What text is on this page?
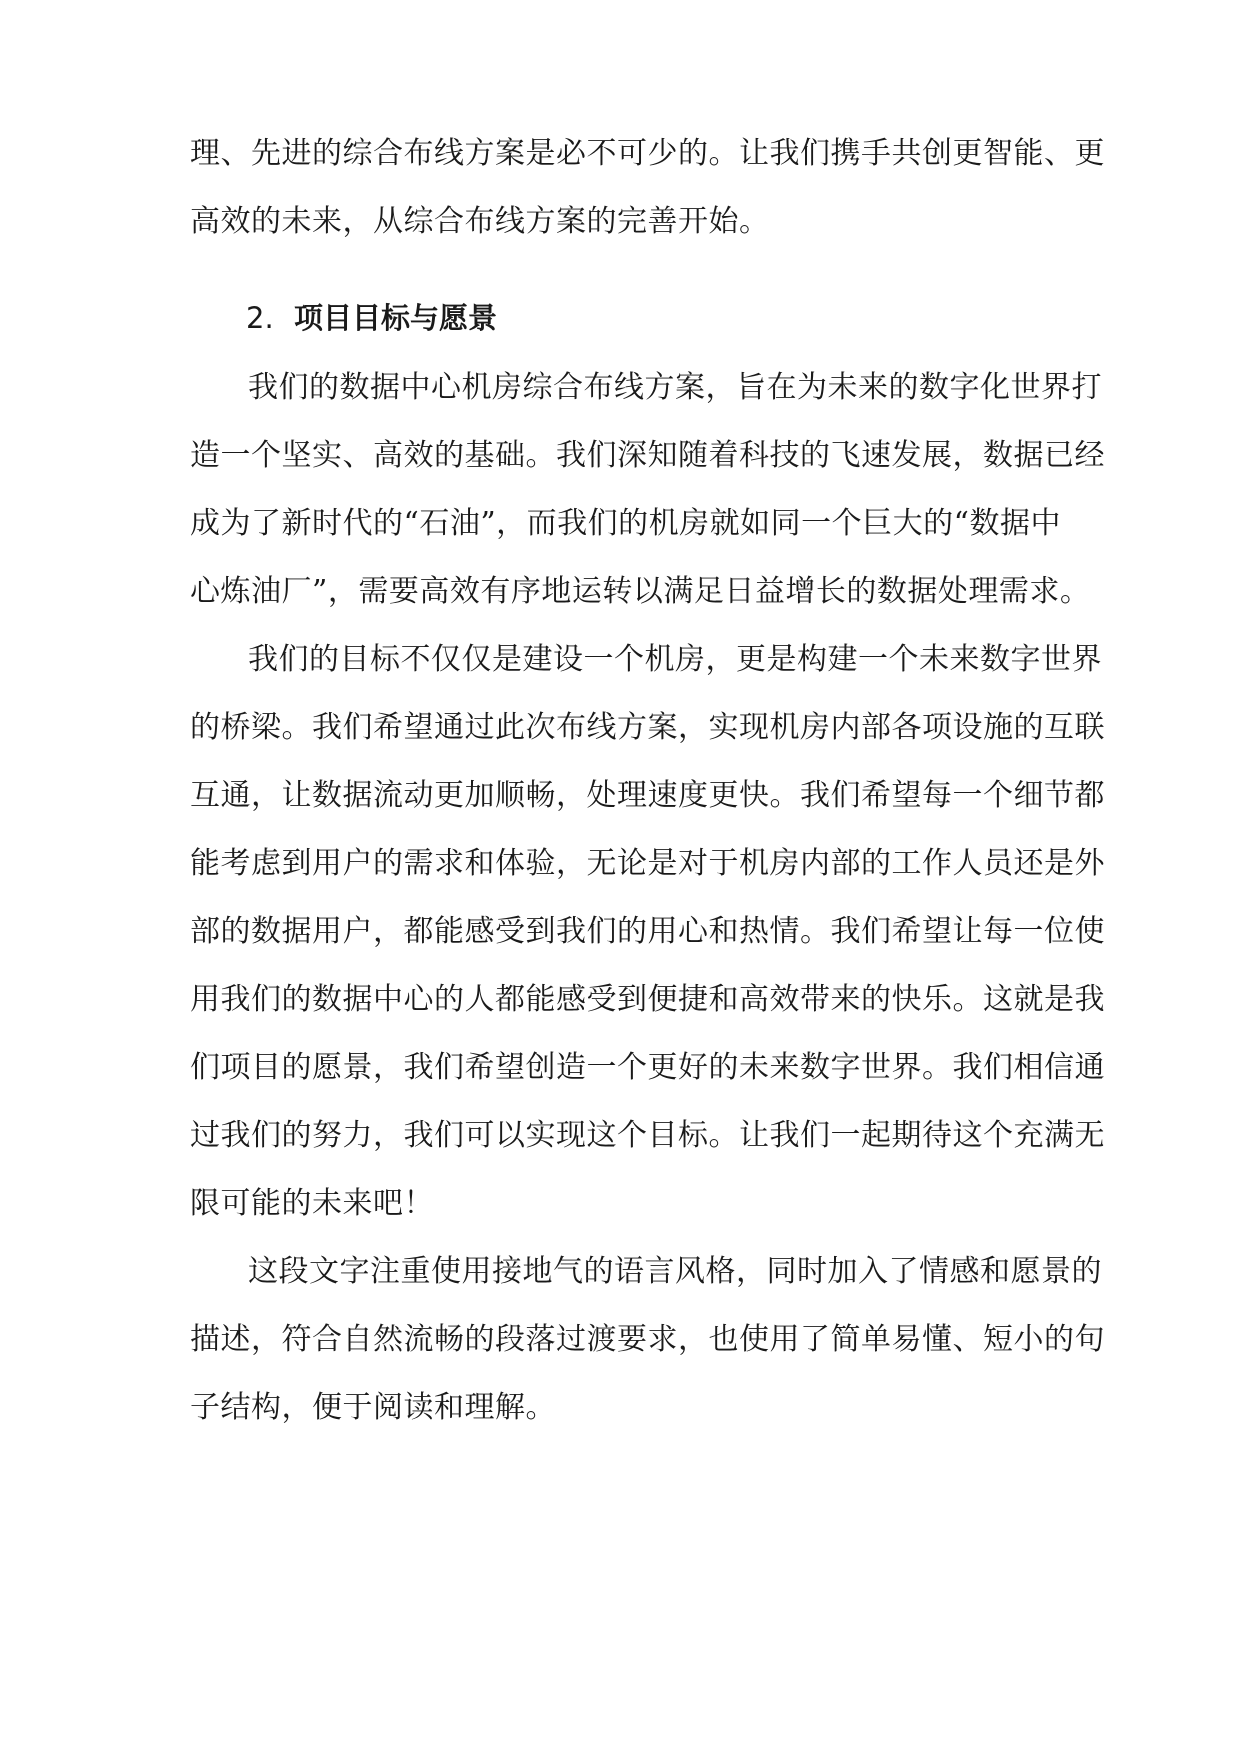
理、先进的综合布线方案是必不可少的。让我们携手共创更智能、更
高效的未来，从综合布线方案的完善开始。
2. 项目目标与愿景
我们的数据中心机房综合布线方案，旨在为未来的数字化世界打
造一个坚实、高效的基础。我们深知随着科技的飞速发展，数据已经
成为了新时代的“石油”，而我们的机房就如同一个巨大的“数据中
心炼油厂”，需要高效有序地运转以满足日益增长的数据处理需求。
我们的目标不仅仅是建设一个机房，更是构建一个未来数字世界
的桥梁。我们希望通过此次布线方案，实现机房内部各项设施的互联
互通，让数据流动更加顺畅，处理速度更快。我们希望每一个细节都
能考虑到用户的需求和体验，无论是对于机房内部的工作人员还是外
部的数据用户，都能感受到我们的用心和热情。我们希望让每一位使
用我们的数据中心的人都能感受到便捷和高效带来的快乐。这就是我
们项目的愿景，我们希望创造一个更好的未来数字世界。我们相信通
过我们的努力，我们可以实现这个目标。让我们一起期待这个充满无
限可能的未来吧！
这段文字注重使用接地气的语言风格，同时加入了情感和愿景的
描述，符合自然流畅的段落过渡要求，也使用了简单易懂、短小的句
子结构，便于阅读和理解。
